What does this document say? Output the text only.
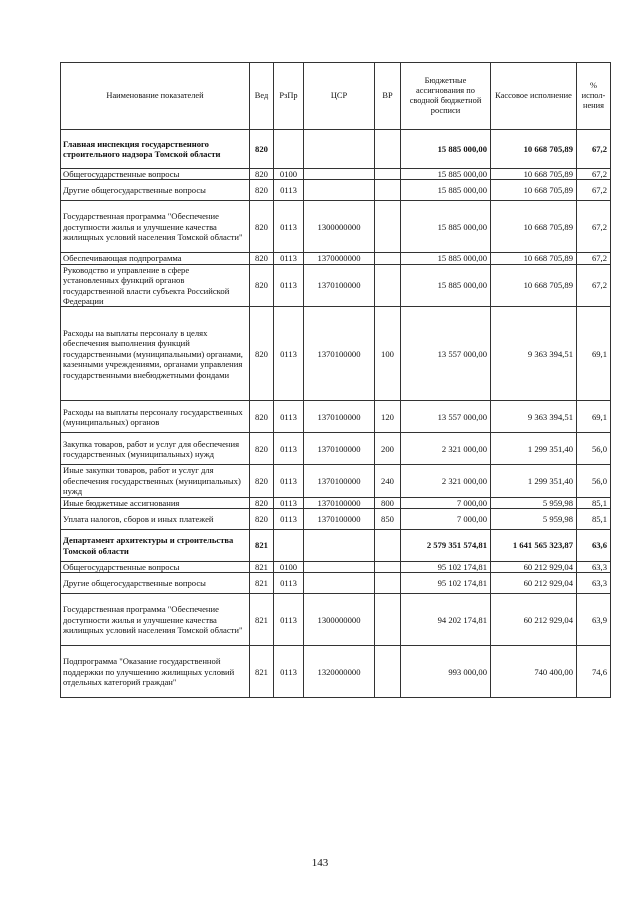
Наименование показателей	Вед	РзПр	ЦСР	ВР	Бюджетные ассигнования по сводной бюджетной росписи	Кассовое исполнение	% испол-нения
Главная инспекция государственного строительного надзора Томской области	820				15 885 000,00	10 668 705,89	67,2
Общегосударственные вопросы	820	0100			15 885 000,00	10 668 705,89	67,2
Другие общегосударственные вопросы	820	0113			15 885 000,00	10 668 705,89	67,2
Государственная программа "Обеспечение доступности жилья и улучшение качества жилищных условий населения Томской области"	820	0113	1300000000		15 885 000,00	10 668 705,89	67,2
Обеспечивающая подпрограмма	820	0113	1370000000		15 885 000,00	10 668 705,89	67,2
Руководство и управление в сфере установленных функций органов государственной власти субъекта Российской Федерации	820	0113	1370100000		15 885 000,00	10 668 705,89	67,2
Расходы на выплаты персоналу в целях обеспечения выполнения функций государственными (муниципальными) органами, казенными учреждениями, органами управления государственными внебюджетными фондами	820	0113	1370100000	100	13 557 000,00	9 363 394,51	69,1
Расходы на выплаты персоналу государственных (муниципальных) органов	820	0113	1370100000	120	13 557 000,00	9 363 394,51	69,1
Закупка товаров, работ и услуг для обеспечения государственных (муниципальных) нужд	820	0113	1370100000	200	2 321 000,00	1 299 351,40	56,0
Иные закупки товаров, работ и услуг для обеспечения государственных (муниципальных) нужд	820	0113	1370100000	240	2 321 000,00	1 299 351,40	56,0
Иные бюджетные ассигнования	820	0113	1370100000	800	7 000,00	5 959,98	85,1
Уплата налогов, сборов и иных платежей	820	0113	1370100000	850	7 000,00	5 959,98	85,1
Департамент архитектуры и строительства Томской области	821				2 579 351 574,81	1 641 565 323,87	63,6
Общегосударственные вопросы	821	0100			95 102 174,81	60 212 929,04	63,3
Другие общегосударственные вопросы	821	0113			95 102 174,81	60 212 929,04	63,3
Государственная программа "Обеспечение доступности жилья и улучшение качества жилищных условий населения Томской области"	821	0113	1300000000		94 202 174,81	60 212 929,04	63,9
Подпрограмма "Оказание государственной поддержки по улучшению жилищных условий отдельных категорий граждан"	821	0113	1320000000		993 000,00	740 400,00	74,6
143
